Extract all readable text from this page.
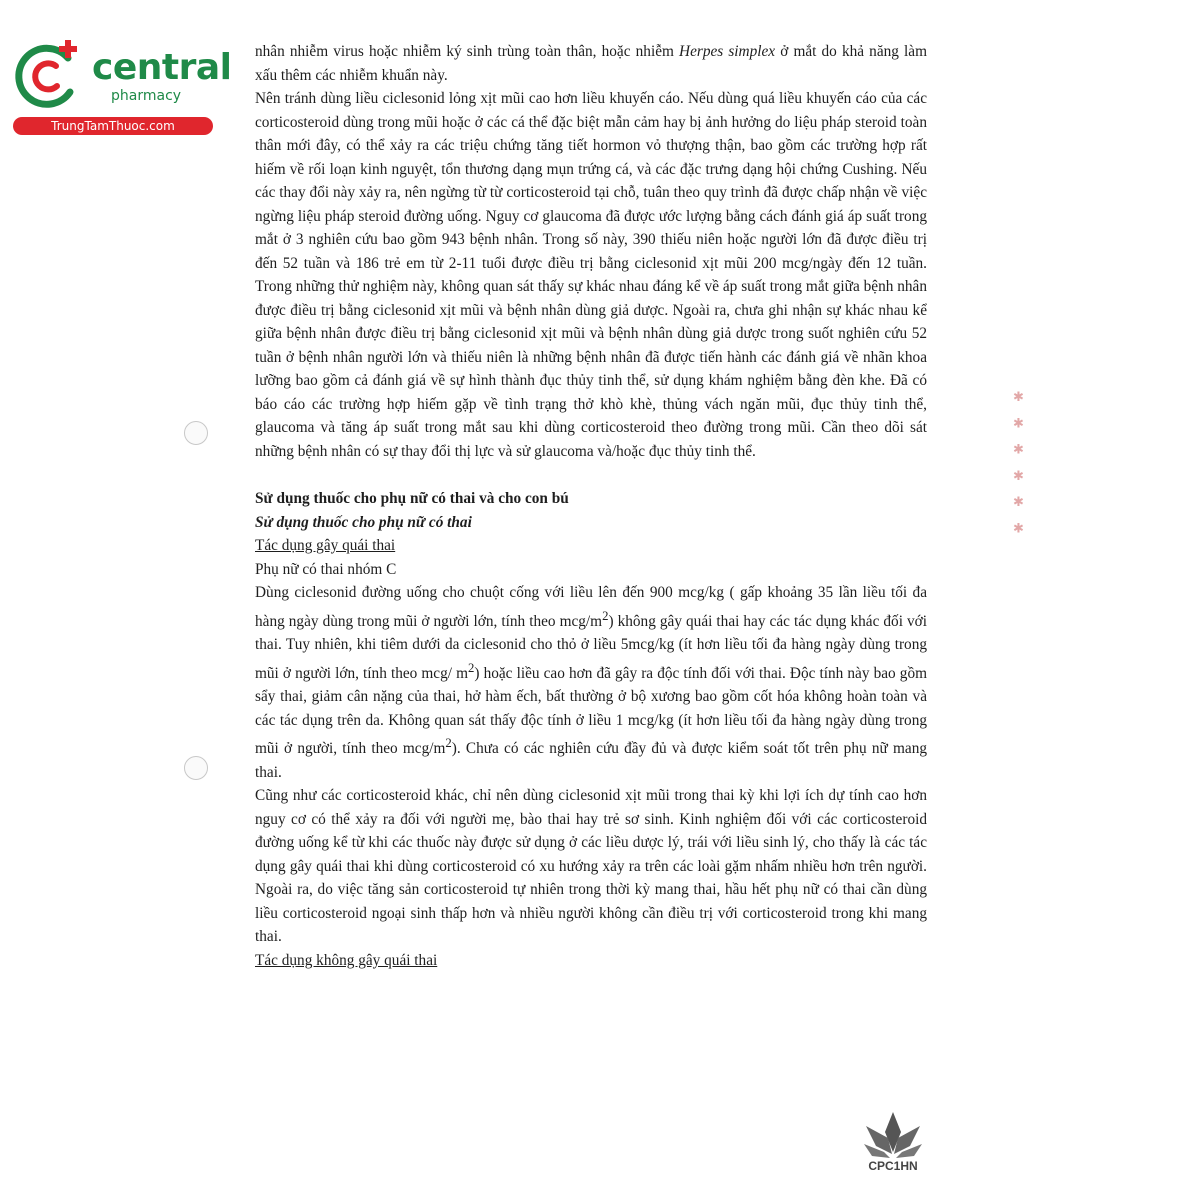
central
pharmacy
TrungTamThuoc.com
✱ ✱ ✱ ✱ ✱ ✱

nhân nhiễm virus hoặc nhiễm ký sinh trùng toàn thân, hoặc nhiễm Herpes simplex ở mắt do khả năng làm xấu thêm các nhiễm khuẩn này.

Nên tránh dùng liều ciclesonid lỏng xịt mũi cao hơn liều khuyến cáo. Nếu dùng quá liều khuyến cáo của các corticosteroid dùng trong mũi hoặc ở các cá thể đặc biệt mẫn cảm hay bị ảnh hưởng do liệu pháp steroid toàn thân mới đây, có thể xảy ra các triệu chứng tăng tiết hormon vỏ thượng thận, bao gồm các trường hợp rất hiếm về rối loạn kinh nguyệt, tổn thương dạng mụn trứng cá, và các đặc trưng dạng hội chứng Cushing. Nếu các thay đổi này xảy ra, nên ngừng từ từ corticosteroid tại chỗ, tuân theo quy trình đã được chấp nhận về việc ngừng liệu pháp steroid đường uống. Nguy cơ glaucoma đã được ước lượng bằng cách đánh giá áp suất trong mắt ở 3 nghiên cứu bao gồm 943 bệnh nhân. Trong số này, 390 thiếu niên hoặc người lớn đã được điều trị đến 52 tuần và 186 trẻ em từ 2-11 tuổi được điều trị bằng ciclesonid xịt mũi 200 mcg/ngày đến 12 tuần. Trong những thử nghiệm này, không quan sát thấy sự khác nhau đáng kể về áp suất trong mắt giữa bệnh nhân được điều trị bằng ciclesonid xịt mũi và bệnh nhân dùng giả dược. Ngoài ra, chưa ghi nhận sự khác nhau kể giữa bệnh nhân được điều trị bằng ciclesonid xịt mũi và bệnh nhân dùng giả dược trong suốt nghiên cứu 52 tuần ở bệnh nhân người lớn và thiếu niên là những bệnh nhân đã được tiến hành các đánh giá về nhãn khoa lưỡng bao gồm cả đánh giá về sự hình thành đục thủy tinh thể, sử dụng khám nghiệm bằng đèn khe. Đã có báo cáo các trường hợp hiếm gặp về tình trạng thở khò khè, thủng vách ngăn mũi, đục thủy tinh thể, glaucoma và tăng áp suất trong mắt sau khi dùng corticosteroid theo đường trong mũi. Cần theo dõi sát những bệnh nhân có sự thay đổi thị lực và sử glaucoma và/hoặc đục thủy tinh thể.

Sử dụng thuốc cho phụ nữ có thai và cho con bú

Sử dụng thuốc cho phụ nữ có thai

Tác dụng gây quái thai

Phụ nữ có thai nhóm C

Dùng ciclesonid đường uống cho chuột cống với liều lên đến 900 mcg/kg ( gấp khoảng 35 lần liều tối đa hàng ngày dùng trong mũi ở người lớn, tính theo mcg/$m^2$) không gây quái thai hay các tác dụng khác đối với thai. Tuy nhiên, khi tiêm dưới da ciclesonid cho thỏ ở liều 5mcg/kg (ít hơn liều tối đa hàng ngày dùng trong mũi ở người lớn, tính theo mcg/ $m^2$) hoặc liều cao hơn đã gây ra độc tính đối với thai. Độc tính này bao gồm sẩy thai, giảm cân nặng của thai, hở hàm ếch, bất thường ở bộ xương bao gồm cốt hóa không hoàn toàn và các tác dụng trên da. Không quan sát thấy độc tính ở liều 1 mcg/kg (ít hơn liều tối đa hàng ngày dùng trong mũi ở người, tính theo mcg/$m^2$). Chưa có các nghiên cứu đầy đủ và được kiểm soát tốt trên phụ nữ mang thai.

Cũng như các corticosteroid khác, chỉ nên dùng ciclesonid xịt mũi trong thai kỳ khi lợi ích dự tính cao hơn nguy cơ có thể xảy ra đối với người mẹ, bào thai hay trẻ sơ sinh. Kinh nghiệm đối với các corticosteroid đường uống kể từ khi các thuốc này được sử dụng ở các liều dược lý, trái với liều sinh lý, cho thấy là các tác dụng gây quái thai khi dùng corticosteroid có xu hướng xảy ra trên các loài gặm nhấm nhiều hơn trên người. Ngoài ra, do việc tăng sản corticosteroid tự nhiên trong thời kỳ mang thai, hầu hết phụ nữ có thai cần dùng liều corticosteroid ngoại sinh thấp hơn và nhiều người không cần điều trị với corticosteroid trong khi mang thai.

Tác dụng không gây quái thai

CPC1HN
